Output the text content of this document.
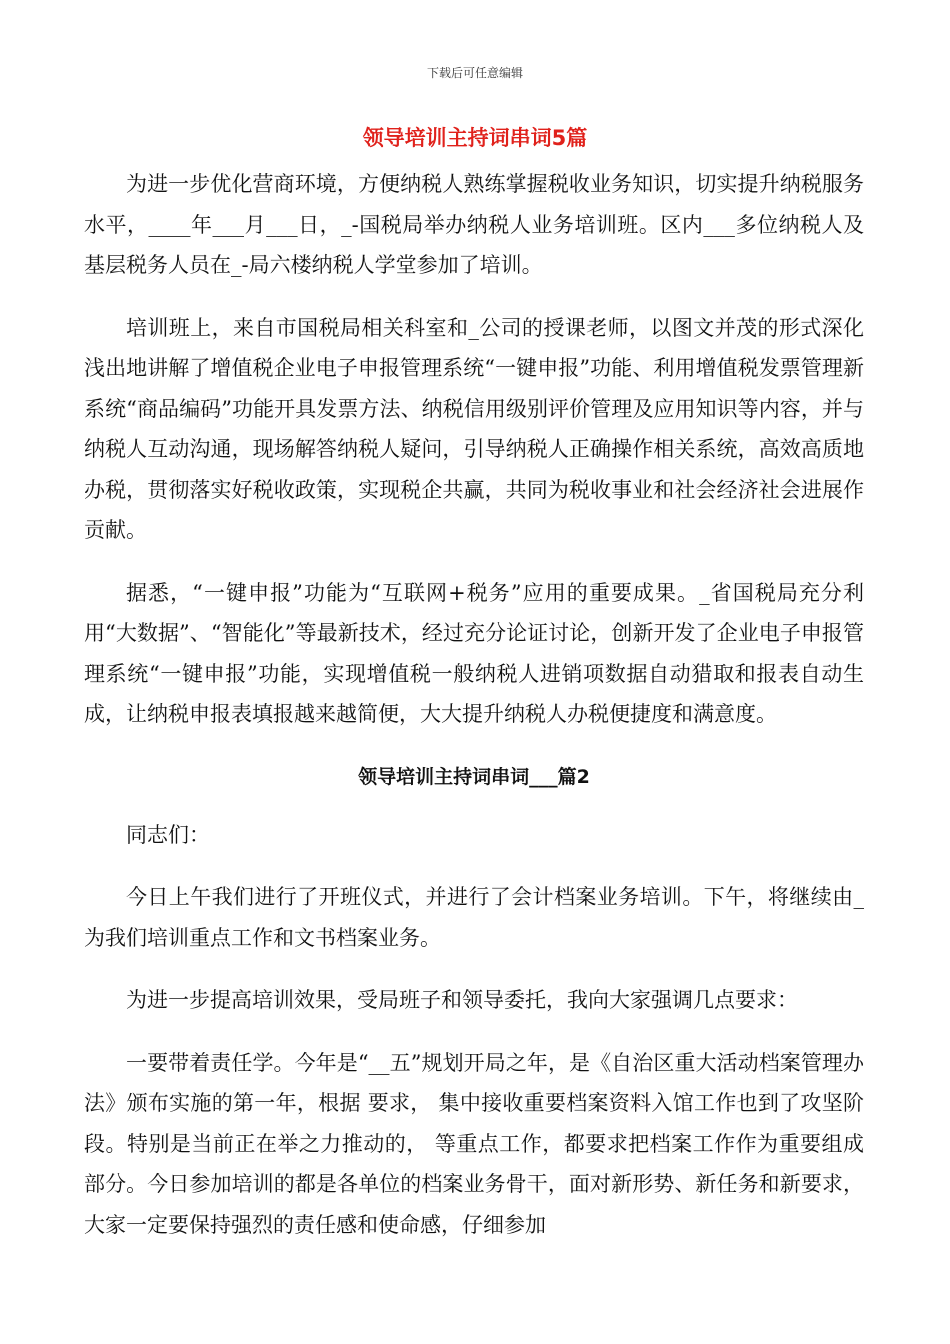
下载后可任意编辑
领导培训主持词串词5篇

为进一步优化营商环境，方便纳税人熟练掌握税收业务知识，切实提升纳税服务水平，____年___月___日，_-国税局举办纳税人业务培训班。区内___多位纳税人及基层税务人员在_-局六楼纳税人学堂参加了培训。

培训班上，来自市国税局相关科室和_公司的授课老师，以图文并茂的形式深化浅出地讲解了增值税企业电子申报管理系统“一键申报”功能、利用增值税发票管理新系统“商品编码”功能开具发票方法、纳税信用级别评价管理及应用知识等内容，并与纳税人互动沟通，现场解答纳税人疑问，引导纳税人正确操作相关系统，高效高质地办税，贯彻落实好税收政策，实现税企共赢，共同为税收事业和社会经济社会进展作贡献。

据悉，“一键申报”功能为“互联网+税务”应用的重要成果。_省国税局充分利用“大数据”、“智能化”等最新技术，经过充分论证讨论，创新开发了企业电子申报管理系统“一键申报”功能，实现增值税一般纳税人进销项数据自动猎取和报表自动生成，让纳税申报表填报越来越简便，大大提升纳税人办税便捷度和满意度。

领导培训主持词串词___篇2

同志们：

今日上午我们进行了开班仪式，并进行了会计档案业务培训。下午，将继续由_为我们培训重点工作和文书档案业务。

为进一步提高培训效果，受局班子和领导委托，我向大家强调几点要求：

一要带着责任学。今年是“__五”规划开局之年，是《自治区重大活动档案管理办法》颁布实施的第一年，根据 要求， 集中接收重要档案资料入馆工作也到了攻坚阶段。特别是当前正在举之力推动的， 等重点工作，都要求把档案工作作为重要组成部分。今日参加培训的都是各单位的档案业务骨干，面对新形势、新任务和新要求，大家一定要保持强烈的责任感和使命感，仔细参加
